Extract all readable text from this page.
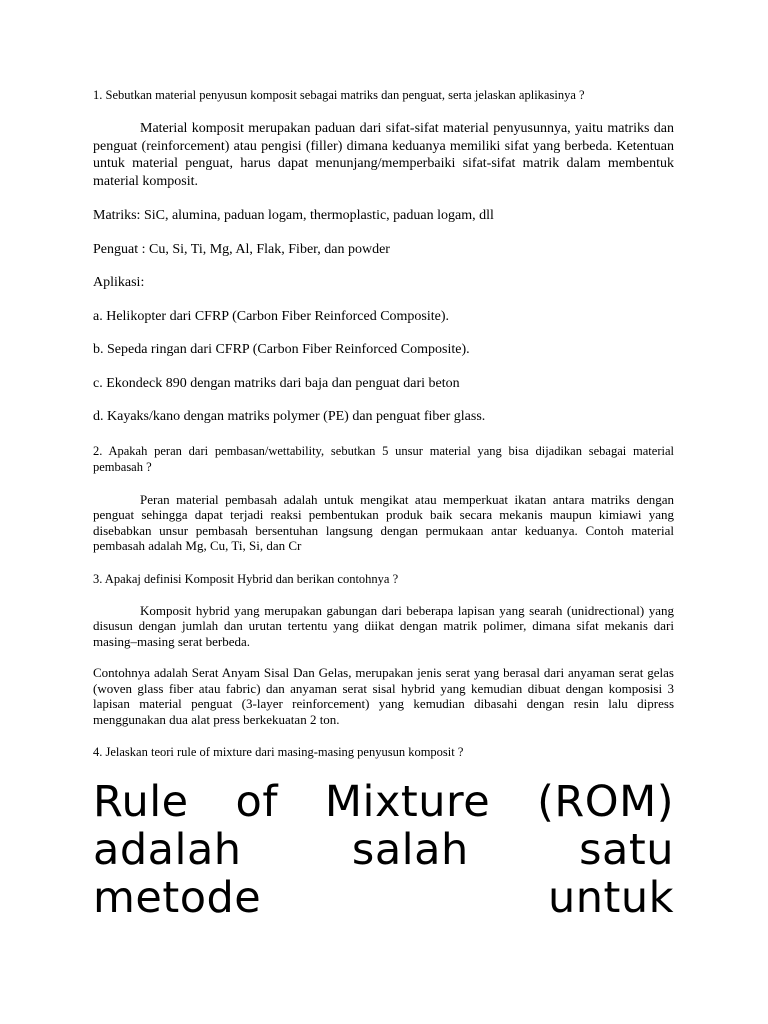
1. Sebutkan material penyusun komposit sebagai matriks dan penguat, serta jelaskan aplikasinya ?

Material komposit merupakan paduan dari sifat-sifat material penyusunnya, yaitu matriks dan penguat (reinforcement) atau pengisi (filler) dimana keduanya memiliki sifat yang berbeda. Ketentuan untuk material penguat, harus dapat menunjang/memperbaiki sifat-sifat matrik dalam membentuk material komposit.

Matriks: SiC, alumina, paduan logam, thermoplastic, paduan logam, dll

Penguat : Cu, Si, Ti, Mg, Al, Flak, Fiber, dan powder

Aplikasi:

a. Helikopter dari CFRP (Carbon Fiber Reinforced Composite).

b. Sepeda ringan dari CFRP (Carbon Fiber Reinforced Composite).

c. Ekondeck 890 dengan matriks dari baja dan penguat dari beton

d. Kayaks/kano dengan matriks polymer (PE) dan penguat fiber glass.

2. Apakah peran dari pembasan/wettability, sebutkan 5 unsur material yang bisa dijadikan sebagai material pembasah ?

Peran material pembasah adalah untuk mengikat atau memperkuat ikatan antara matriks dengan penguat sehingga dapat terjadi reaksi pembentukan produk baik secara mekanis maupun kimiawi yang disebabkan unsur pembasah bersentuhan langsung dengan permukaan antar keduanya. Contoh material pembasah adalah Mg, Cu, Ti, Si, dan Cr

3. Apakaj definisi Komposit Hybrid dan berikan contohnya ?

Komposit hybrid yang merupakan gabungan dari beberapa lapisan yang searah (unidrectional) yang disusun dengan jumlah dan urutan tertentu yang diikat dengan matrik polimer, dimana sifat mekanis dari masing–masing serat berbeda.

Contohnya adalah Serat Anyam Sisal Dan Gelas, merupakan jenis serat yang berasal dari anyaman serat gelas (woven glass fiber atau fabric) dan anyaman serat sisal hybrid yang kemudian dibuat dengan komposisi 3 lapisan material penguat (3-layer reinforcement) yang kemudian dibasahi dengan resin lalu dipress menggunakan dua alat press berkekuatan 2 ton.

4. Jelaskan teori rule of mixture dari masing-masing penyusun komposit ?

Rule of Mixture (ROM)
adalah salah satu
metode untuk
